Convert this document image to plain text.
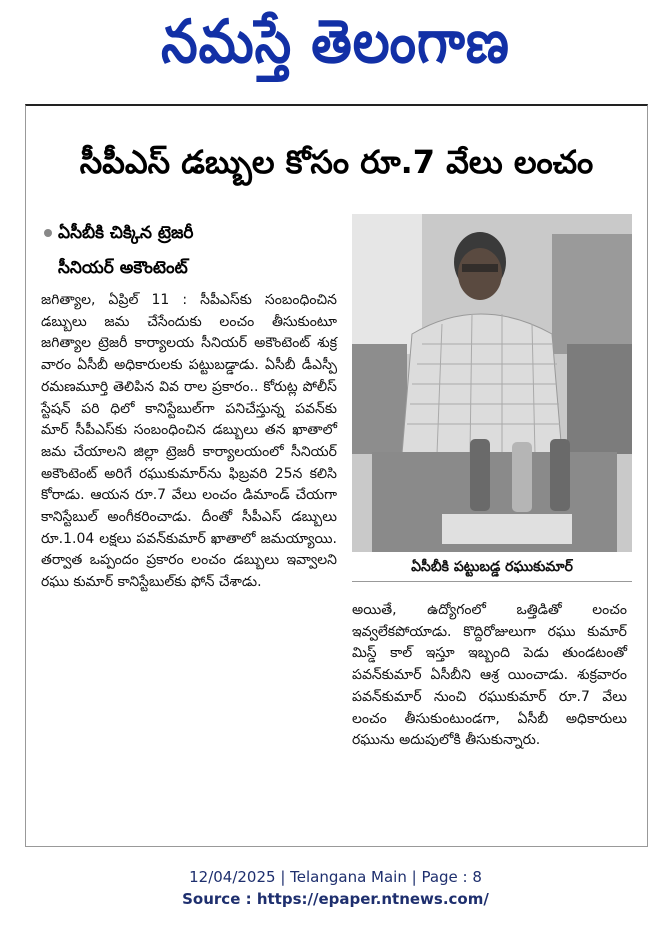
నమస్తే తెలంగాణ
సీపీఎస్ డబ్బుల కోసం రూ.7 వేలు లంచం
ఏసీబీకి చిక్కిన ట్రెజరీ
సీనియర్ అకౌంటెంట్
జగిత్యాల, ఏప్రిల్ 11 : సీపీఎస్‌కు సంబంధించిన డబ్బులు జమ చేసేందుకు లంచం తీసుకుంటూ జగిత్యాల ట్రెజరీ కార్యాలయ సీనియర్ అకౌంటెంట్ శుక్ర వారం ఏసీబీ అధికారులకు పట్టుబడ్డాడు. ఏసీబీ డీఎస్పీ రమణమూర్తి తెలిపిన వివ రాల ప్రకారం.. కోరుట్ల పోలీస్ స్టేషన్ పరి ధిలో కానిస్టేబుల్‌గా పనిచేస్తున్న పవన్‌కు మార్ సీపీఎస్‌కు సంబంధించిన డబ్బులు తన ఖాతాలో జమ చేయాలని జిల్లా ట్రెజరీ కార్యాలయంలో సీనియర్ అకౌంటెంట్ అరిగే రఘుకుమార్‌ను ఫిబ్రవరి 25న కలిసి కోరాడు. ఆయన రూ.7 వేలు లంచం డిమాండ్ చేయగా కానిస్టేబుల్ అంగీకరించాడు. దీంతో సీపీఎస్ డబ్బులు రూ.1.04 లక్షలు పవన్‌కుమార్ ఖాతాలో జమయ్యాయి. తర్వాత ఒప్పందం ప్రకారం లంచం డబ్బులు ఇవ్వాలని రఘు కుమార్ కానిస్టేబుల్‌కు ఫోన్ చేశాడు.
ఏసీబీకి పట్టుబడ్డ రఘుకుమార్
అయితే, ఉద్యోగంలో ఒత్తిడితో లంచం ఇవ్వలేకపోయాడు. కొద్దిరోజులుగా రఘు కుమార్ మిస్డ్ కాల్ ఇస్తూ ఇబ్బంది పెడు తుండటంతో పవన్‌కుమార్ ఏసీబీని ఆశ్ర యించాడు. శుక్రవారం పవన్‌కుమార్ నుంచి రఘుకుమార్ రూ.7 వేలు లంచం తీసుకుంటుండగా, ఏసీబీ అధికారులు రఘును అదుపులోకి తీసుకున్నారు.
12/04/2025 | Telangana Main | Page : 8
Source : https://epaper.ntnews.com/
